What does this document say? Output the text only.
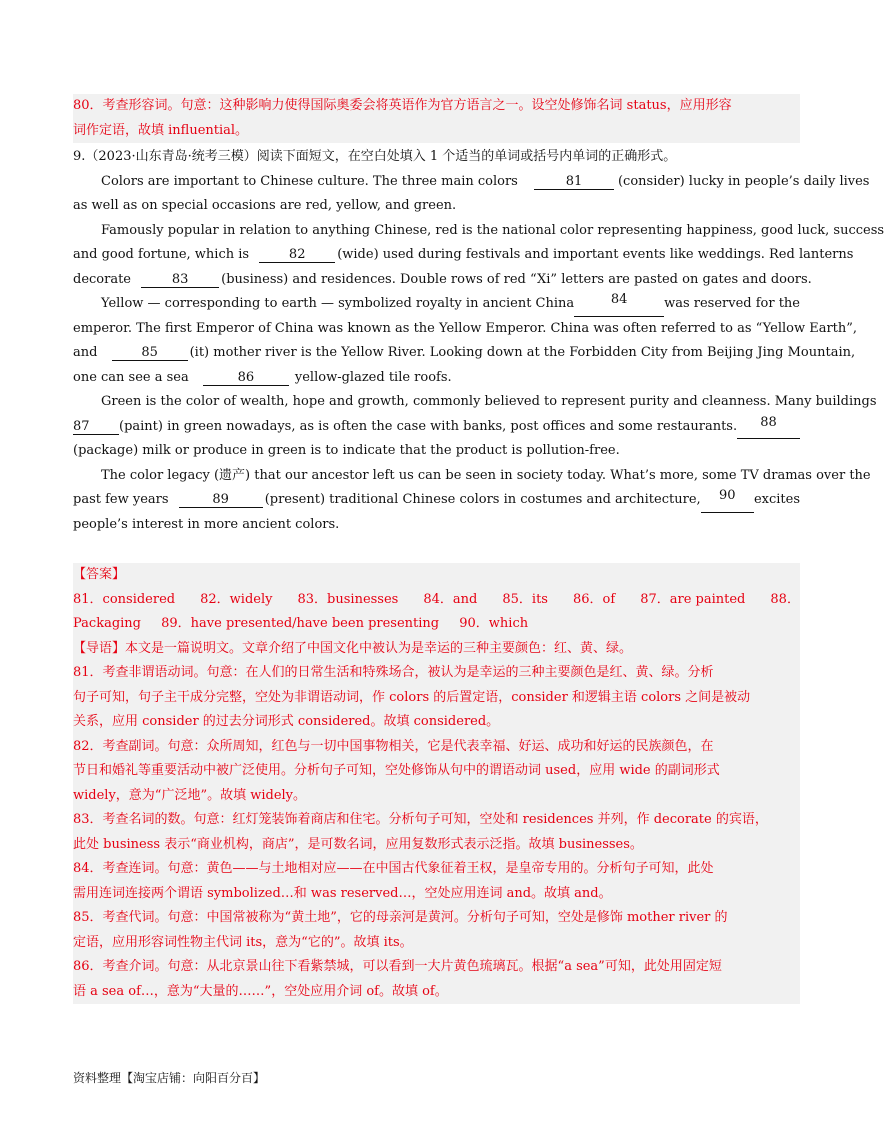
80．考查形容词。句意：这种影响力使得国际奥委会将英语作为官方语言之一。设空处修饰名词 status，应用形容
词作定语，故填 influential。
9.（2023·山东青岛·统考三模）阅读下面短文，在空白处填入 1 个适当的单词或括号内单词的正确形式。
Colors are important to Chinese culture. The three main colors	81	(consider) lucky in people’s daily lives
as well as on special occasions are red, yellow, and green.
Famously popular in relation to anything Chinese, red is the national color representing happiness, good luck, success
and good fortune, which is	82 (wide) used during festivals and important events like weddings. Red lanterns
decorate	83	(business) and residences. Double rows of red “Xi” letters are pasted on gates and doors.
Yellow — corresponding to earth — symbolized royalty in ancient China	84	was reserved for the
emperor. The first Emperor of China was known as the Yellow Emperor. China was often referred to as “Yellow Earth”,
and	85 (it) mother river is the Yellow River. Looking down at the Forbidden City from Beijing Jing Mountain,
one can see a sea	86	yellow-glazed tile roofs.
Green is the color of wealth, hope and growth, commonly believed to represent purity and cleanness. Many buildings
87 (paint) in green nowadays, as is often the case with banks, post offices and some restaurants.	88
(package) milk or produce in green is to indicate that the product is pollution-free.
The color legacy (遗产) that our ancestor left us can be seen in society today. What’s more, some TV dramas over the
past few years	89	(present) traditional Chinese colors in costumes and architecture,	90	excites
people’s interest in more ancient colors.
【答案】
81．considered 82．widely 83．businesses 84．and 85．its 86．of 87．are painted 88．
Packaging 89．have presented/have been presenting 90．which
【导语】本文是一篇说明文。文章介绍了中国文化中被认为是幸运的三种主要颜色：红、黄、绿。
81．考查非谓语动词。句意：在人们的日常生活和特殊场合，被认为是幸运的三种主要颜色是红、黄、绿。分析
句子可知，句子主干成分完整，空处为非谓语动词，作 colors 的后置定语，consider 和逻辑主语 colors 之间是被动
关系，应用 consider 的过去分词形式 considered。故填 considered。
82．考查副词。句意：众所周知，红色与一切中国事物相关，它是代表幸福、好运、成功和好运的民族颜色，在
节日和婚礼等重要活动中被广泛使用。分析句子可知，空处修饰从句中的谓语动词 used，应用 wide 的副词形式
widely，意为“广泛地”。故填 widely。
83．考查名词的数。句意：红灯笼装饰着商店和住宅。分析句子可知，空处和 residences 并列，作 decorate 的宾语，
此处 business 表示“商业机构，商店”，是可数名词，应用复数形式表示泛指。故填 businesses。
84．考查连词。句意：黄色——与土地相对应——在中国古代象征着王权，是皇帝专用的。分析句子可知，此处
需用连词连接两个谓语 symbolized…和 was reserved…，空处应用连词 and。故填 and。
85．考查代词。句意：中国常被称为“黄土地”，它的母亲河是黄河。分析句子可知，空处是修饰 mother river 的
定语，应用形容词性物主代词 its，意为“它的”。故填 its。
86．考查介词。句意：从北京景山往下看紫禁城，可以看到一大片黄色琉璃瓦。根据“a sea”可知，此处用固定短
语 a sea of…，意为“大量的……”，空处应用介词 of。故填 of。
资料整理【淘宝店铺：向阳百分百】
